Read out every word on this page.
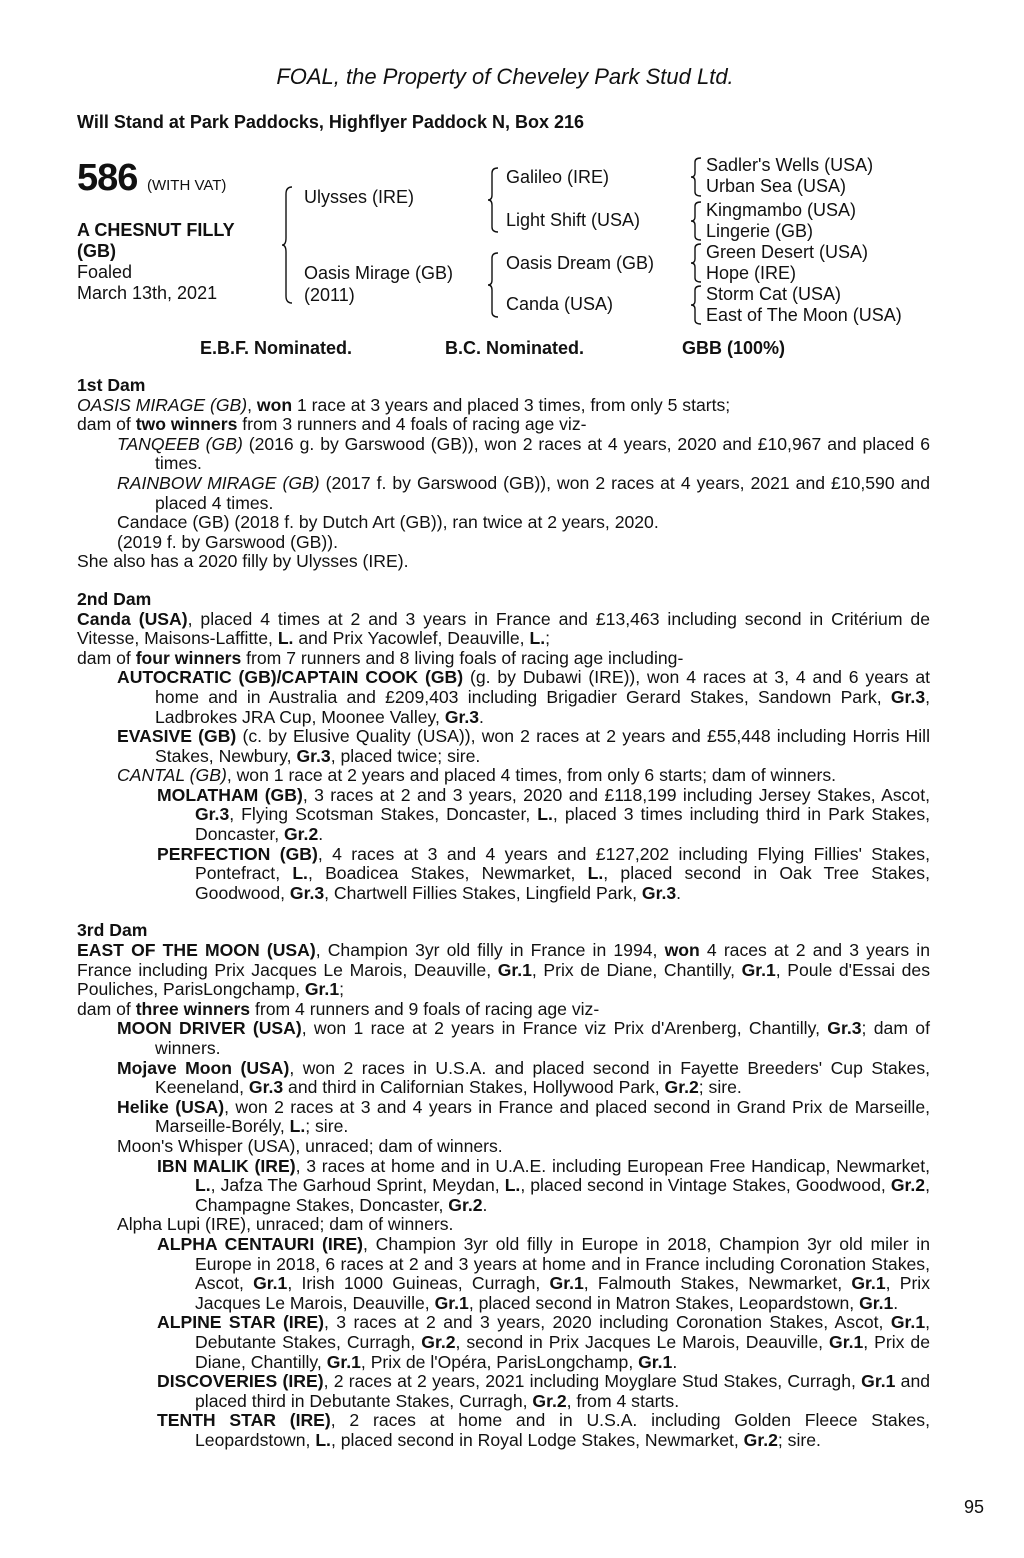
FOAL, the Property of Cheveley Park Stud Ltd.
Will Stand at Park Paddocks, Highflyer Paddock N, Box 216
586 (WITH VAT)
A CHESNUT FILLY
(GB)
Foaled
March 13th, 2021
Ulysses (IRE)
Oasis Mirage (GB)
(2011)
Galileo (IRE)
Light Shift (USA)
Oasis Dream (GB)
Canda (USA)
Sadler's Wells (USA)
Urban Sea (USA)
Kingmambo (USA)
Lingerie (GB)
Green Desert (USA)
Hope (IRE)
Storm Cat (USA)
East of The Moon (USA)
E.B.F. Nominated.	B.C. Nominated.	GBB (100%)
1st Dam
OASIS MIRAGE (GB), won 1 race at 3 years and placed 3 times, from only 5 starts;
dam of two winners from 3 runners and 4 foals of racing age viz-
TANQEEB (GB) (2016 g. by Garswood (GB)), won 2 races at 4 years, 2020 and £10,967 and placed 6 times.
RAINBOW MIRAGE (GB) (2017 f. by Garswood (GB)), won 2 races at 4 years, 2021 and £10,590 and placed 4 times.
Candace (GB) (2018 f. by Dutch Art (GB)), ran twice at 2 years, 2020.
(2019 f. by Garswood (GB)).
She also has a 2020 filly by Ulysses (IRE).
2nd Dam
Canda (USA), placed 4 times at 2 and 3 years in France and £13,463 including second in Critérium de Vitesse, Maisons-Laffitte, L. and Prix Yacowlef, Deauville, L.;
dam of four winners from 7 runners and 8 living foals of racing age including-
AUTOCRATIC (GB)/CAPTAIN COOK (GB) (g. by Dubawi (IRE)), won 4 races at 3, 4 and 6 years at home and in Australia and £209,403 including Brigadier Gerard Stakes, Sandown Park, Gr.3, Ladbrokes JRA Cup, Moonee Valley, Gr.3.
EVASIVE (GB) (c. by Elusive Quality (USA)), won 2 races at 2 years and £55,448 including Horris Hill Stakes, Newbury, Gr.3, placed twice; sire.
CANTAL (GB), won 1 race at 2 years and placed 4 times, from only 6 starts; dam of winners.
MOLATHAM (GB), 3 races at 2 and 3 years, 2020 and £118,199 including Jersey Stakes, Ascot, Gr.3, Flying Scotsman Stakes, Doncaster, L., placed 3 times including third in Park Stakes, Doncaster, Gr.2.
PERFECTION (GB), 4 races at 3 and 4 years and £127,202 including Flying Fillies' Stakes, Pontefract, L., Boadicea Stakes, Newmarket, L., placed second in Oak Tree Stakes, Goodwood, Gr.3, Chartwell Fillies Stakes, Lingfield Park, Gr.3.
3rd Dam
EAST OF THE MOON (USA), Champion 3yr old filly in France in 1994, won 4 races at 2 and 3 years in France including Prix Jacques Le Marois, Deauville, Gr.1, Prix de Diane, Chantilly, Gr.1, Poule d'Essai des Pouliches, ParisLongchamp, Gr.1;
dam of three winners from 4 runners and 9 foals of racing age viz-
MOON DRIVER (USA), won 1 race at 2 years in France viz Prix d'Arenberg, Chantilly, Gr.3; dam of winners.
Mojave Moon (USA), won 2 races in U.S.A. and placed second in Fayette Breeders' Cup Stakes, Keeneland, Gr.3 and third in Californian Stakes, Hollywood Park, Gr.2; sire.
Helike (USA), won 2 races at 3 and 4 years in France and placed second in Grand Prix de Marseille, Marseille-Borély, L.; sire.
Moon's Whisper (USA), unraced; dam of winners.
IBN MALIK (IRE), 3 races at home and in U.A.E. including European Free Handicap, Newmarket, L., Jafza The Garhoud Sprint, Meydan, L., placed second in Vintage Stakes, Goodwood, Gr.2, Champagne Stakes, Doncaster, Gr.2.
Alpha Lupi (IRE), unraced; dam of winners.
ALPHA CENTAURI (IRE), Champion 3yr old filly in Europe in 2018, Champion 3yr old miler in Europe in 2018, 6 races at 2 and 3 years at home and in France including Coronation Stakes, Ascot, Gr.1, Irish 1000 Guineas, Curragh, Gr.1, Falmouth Stakes, Newmarket, Gr.1, Prix Jacques Le Marois, Deauville, Gr.1, placed second in Matron Stakes, Leopardstown, Gr.1.
ALPINE STAR (IRE), 3 races at 2 and 3 years, 2020 including Coronation Stakes, Ascot, Gr.1, Debutante Stakes, Curragh, Gr.2, second in Prix Jacques Le Marois, Deauville, Gr.1, Prix de Diane, Chantilly, Gr.1, Prix de l'Opéra, ParisLongchamp, Gr.1.
DISCOVERIES (IRE), 2 races at 2 years, 2021 including Moyglare Stud Stakes, Curragh, Gr.1 and placed third in Debutante Stakes, Curragh, Gr.2, from 4 starts.
TENTH STAR (IRE), 2 races at home and in U.S.A. including Golden Fleece Stakes, Leopardstown, L., placed second in Royal Lodge Stakes, Newmarket, Gr.2; sire.
95
